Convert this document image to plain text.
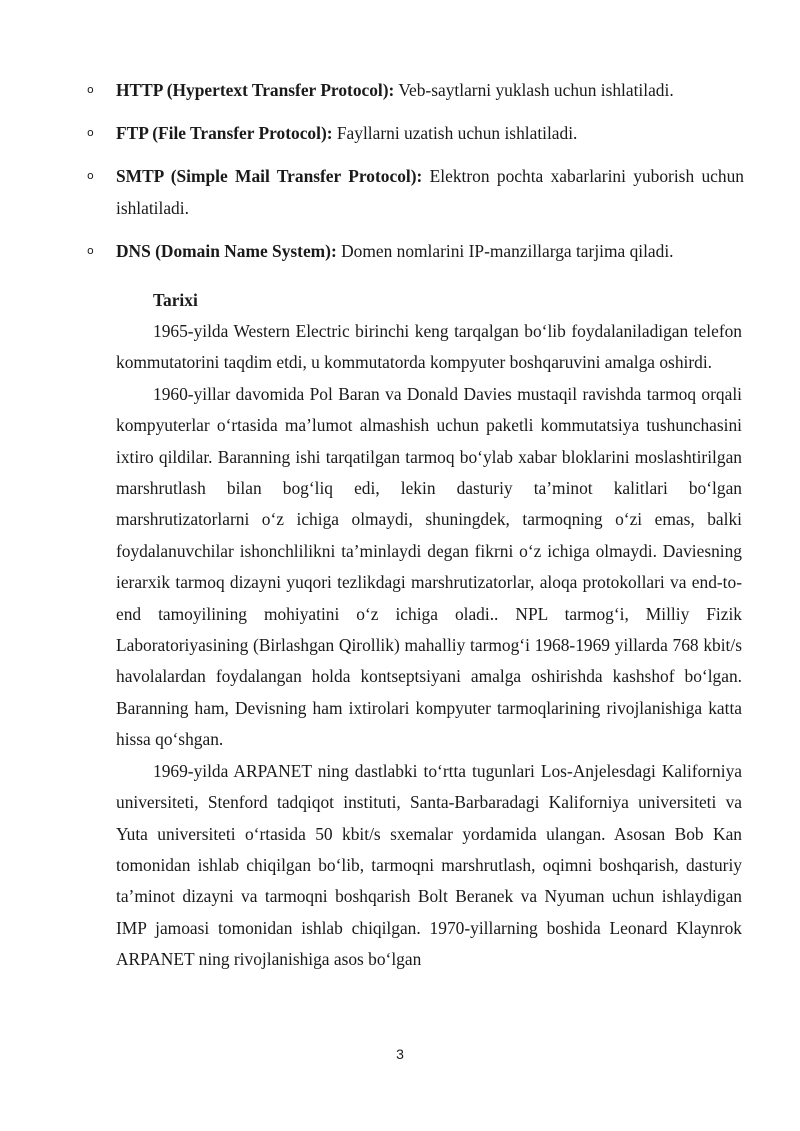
o HTTP (Hypertext Transfer Protocol): Veb-saytlarni yuklash uchun ishlatiladi.
o FTP (File Transfer Protocol): Fayllarni uzatish uchun ishlatiladi.
o SMTP (Simple Mail Transfer Protocol): Elektron pochta xabarlarini yuborish uchun ishlatiladi.
o DNS (Domain Name System): Domen nomlarini IP-manzillarga tarjima qiladi.
Tarixi

1965-yilda Western Electric birinchi keng tarqalgan bo‘lib foydalaniladigan telefon kommutatorini taqdim etdi, u kommutatorda kompyuter boshqaruvini amalga oshirdi.

1960-yillar davomida Pol Baran va Donald Davies mustaqil ravishda tarmoq orqali kompyuterlar o‘rtasida ma’lumot almashish uchun paketli kommutatsiya tushunchasini ixtiro qildilar. Baranning ishi tarqatilgan tarmoq bo‘ylab xabar bloklarini moslashtirilgan marshrutlash bilan bog‘liq edi, lekin dasturiy ta’minot kalitlari bo‘lgan marshrutizatorlarni o‘z ichiga olmaydi, shuningdek, tarmoqning o‘zi emas, balki foydalanuvchilar ishonchlilikni ta’minlaydi degan fikrni o‘z ichiga olmaydi. Daviesning ierarxik tarmoq dizayni yuqori tezlikdagi marshrutizatorlar, aloqa protokollari va end-to-end tamoyilining mohiyatini o‘z ichiga oladi.. NPL tarmog‘i, Milliy Fizik Laboratoriyasining (Birlashgan Qirollik) mahalliy tarmog‘i 1968-1969 yillarda 768 kbit/s havolalardan foydalangan holda kontseptsiyani amalga oshirishda kashshof bo‘lgan. Baranning ham, Devisning ham ixtirolari kompyuter tarmoqlarining rivojlanishiga katta hissa qo‘shgan.

1969-yilda ARPANET ning dastlabki to‘rtta tugunlari Los-Anjelesdagi Kaliforniya universiteti, Stenford tadqiqot instituti, Santa-Barbaradagi Kaliforniya universiteti va Yuta universiteti o‘rtasida 50 kbit/s sxemalar yordamida ulangan. Asosan Bob Kan tomonidan ishlab chiqilgan bo‘lib, tarmoqni marshrutlash, oqimni boshqarish, dasturiy ta’minot dizayni va tarmoqni boshqarish Bolt Beranek va Nyuman uchun ishlaydigan IMP jamoasi tomonidan ishlab chiqilgan. 1970-yillarning boshida Leonard Klaynrok ARPANET ning rivojlanishiga asos bo‘lgan

3
